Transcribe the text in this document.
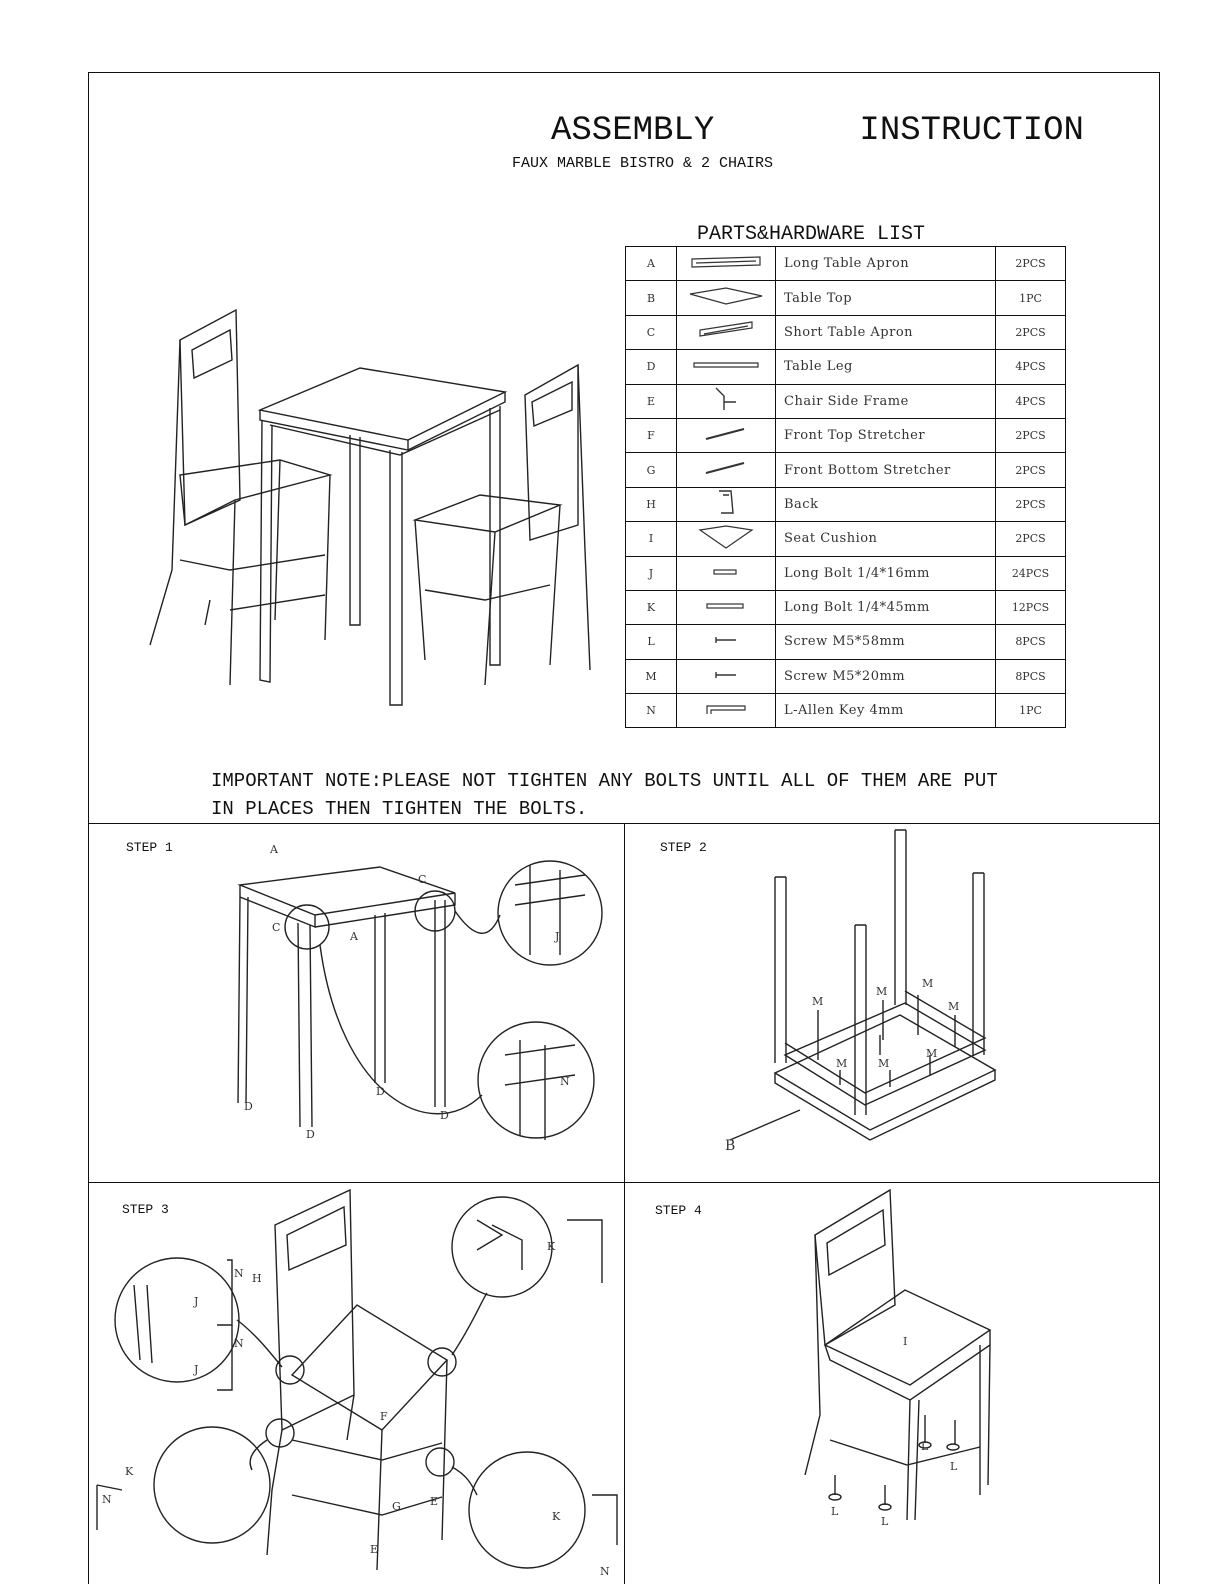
ASSEMBLY   INSTRUCTION
FAUX MARBLE BISTRO & 2 CHAIRS
PARTS&HARDWARE LIST
A		Long Table Apron	2PCS
B		Table Top	1PC
C		Short Table Apron	2PCS
D		Table Leg	4PCS
E		Chair Side Frame	4PCS
F		Front Top Stretcher	2PCS
G		Front Bottom Stretcher	2PCS
H		Back	2PCS
I		Seat Cushion	2PCS
J		Long Bolt 1/4*16mm	24PCS
K		Long Bolt 1/4*45mm	12PCS
L		Screw M5*58mm	8PCS
M		Screw M5*20mm	8PCS
N		L-Allen Key 4mm	1PC
IMPORTANT NOTE:PLEASE NOT TIGHTEN ANY BOLTS UNTIL ALL OF THEM ARE PUT
IN PLACES THEN TIGHTEN THE BOLTS.
STEP 1	STEP 2
STEP 3	STEP 4
A
A
C
C
D
D
D
D
J
N
M
M
M
M
M	M
M
B
H
J
J
N
N
F
G
E
E
K
K
K
N
N
I
L
L
L
L
